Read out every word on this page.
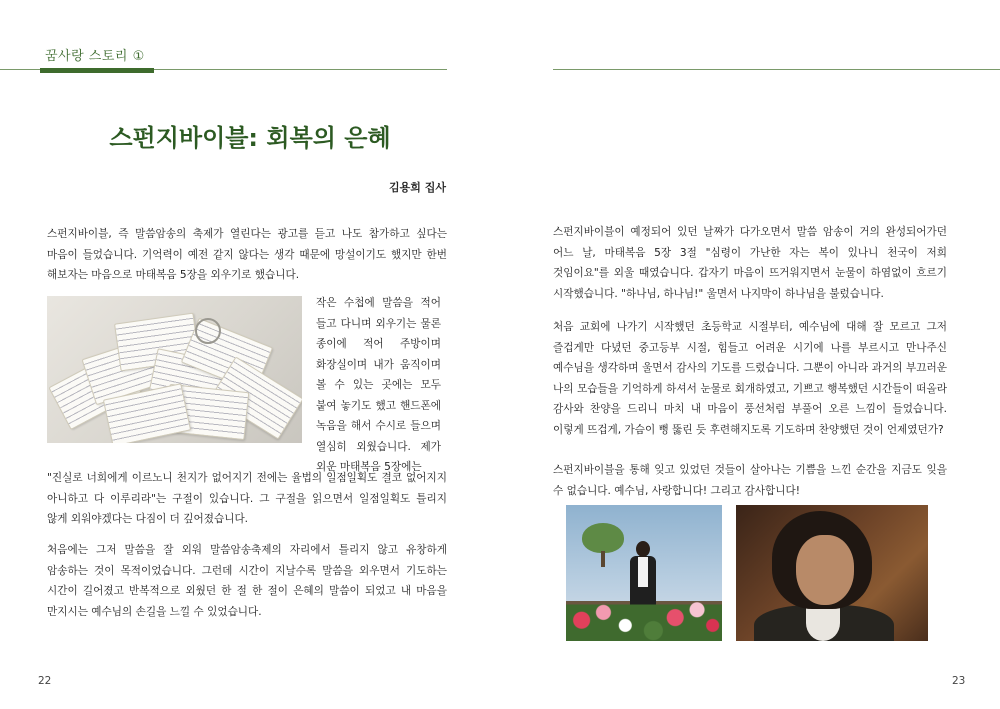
꿈사랑 스토리 ①
스펀지바이블: 회복의 은혜
김용희 집사

스펀지바이블, 즉 말씀암송의 축제가 열린다는 광고를 듣고 나도 참가하고 싶다는 마음이 들었습니다. 기억력이 예전 같지 않다는 생각 때문에 망설이기도 했지만 한번 해보자는 마음으로 마태복음 5장을 외우기로 했습니다.

작은 수첩에 말씀을 적어 들고 다니며 외우기는 물론 종이에 적어 주방이며 화장실이며 내가 움직이며 볼 수 있는 곳에는 모두 붙여 놓기도 했고 핸드폰에 녹음을 해서 수시로 들으며 열심히 외웠습니다. 제가 외운 마태복음 5장에는

"진실로 너희에게 이르노니 천지가 없어지기 전에는 율법의 일점일획도 결코 없어지지 아니하고 다 이루리라"는 구절이 있습니다. 그 구절을 읽으면서 일점일획도 틀리지 않게 외워야겠다는 다짐이 더 깊어졌습니다.

처음에는 그저 말씀을 잘 외워 말씀암송축제의 자리에서 틀리지 않고 유창하게 암송하는 것이 목적이었습니다. 그런데 시간이 지날수록 말씀을 외우면서 기도하는 시간이 길어졌고 반복적으로 외웠던 한 절 한 절이 은혜의 말씀이 되었고 내 마음을 만지시는 예수님의 손길을 느낄 수 있었습니다.

22

스펀지바이블이 예정되어 있던 날짜가 다가오면서 말씀 암송이 거의 완성되어가던 어느 날, 마태복음 5장 3절 "심령이 가난한 자는 복이 있나니 천국이 저희 것임이요"를 외울 때였습니다. 갑자기 마음이 뜨거워지면서 눈물이 하염없이 흐르기 시작했습니다. "하나님, 하나님!" 울면서 나지막이 하나님을 불렀습니다.

처음 교회에 나가기 시작했던 초등학교 시절부터, 예수님에 대해 잘 모르고 그저 즐겁게만 다녔던 중고등부 시절, 힘들고 어려운 시기에 나를 부르시고 만나주신 예수님을 생각하며 울면서 감사의 기도를 드렸습니다. 그뿐이 아니라 과거의 부끄러운 나의 모습들을 기억하게 하셔서 눈물로 회개하였고, 기쁘고 행복했던 시간들이 떠올라 감사와 찬양을 드리니 마치 내 마음이 풍선처럼 부풀어 오른 느낌이 들었습니다. 이렇게 뜨겁게, 가슴이 뻥 뚫린 듯 후련해지도록 기도하며 찬양했던 것이 언제였던가?

스펀지바이블을 통해 잊고 있었던 것들이 살아나는 기쁨을 느낀 순간을 지금도 잊을 수 없습니다. 예수님, 사랑합니다! 그리고 감사합니다!

23
